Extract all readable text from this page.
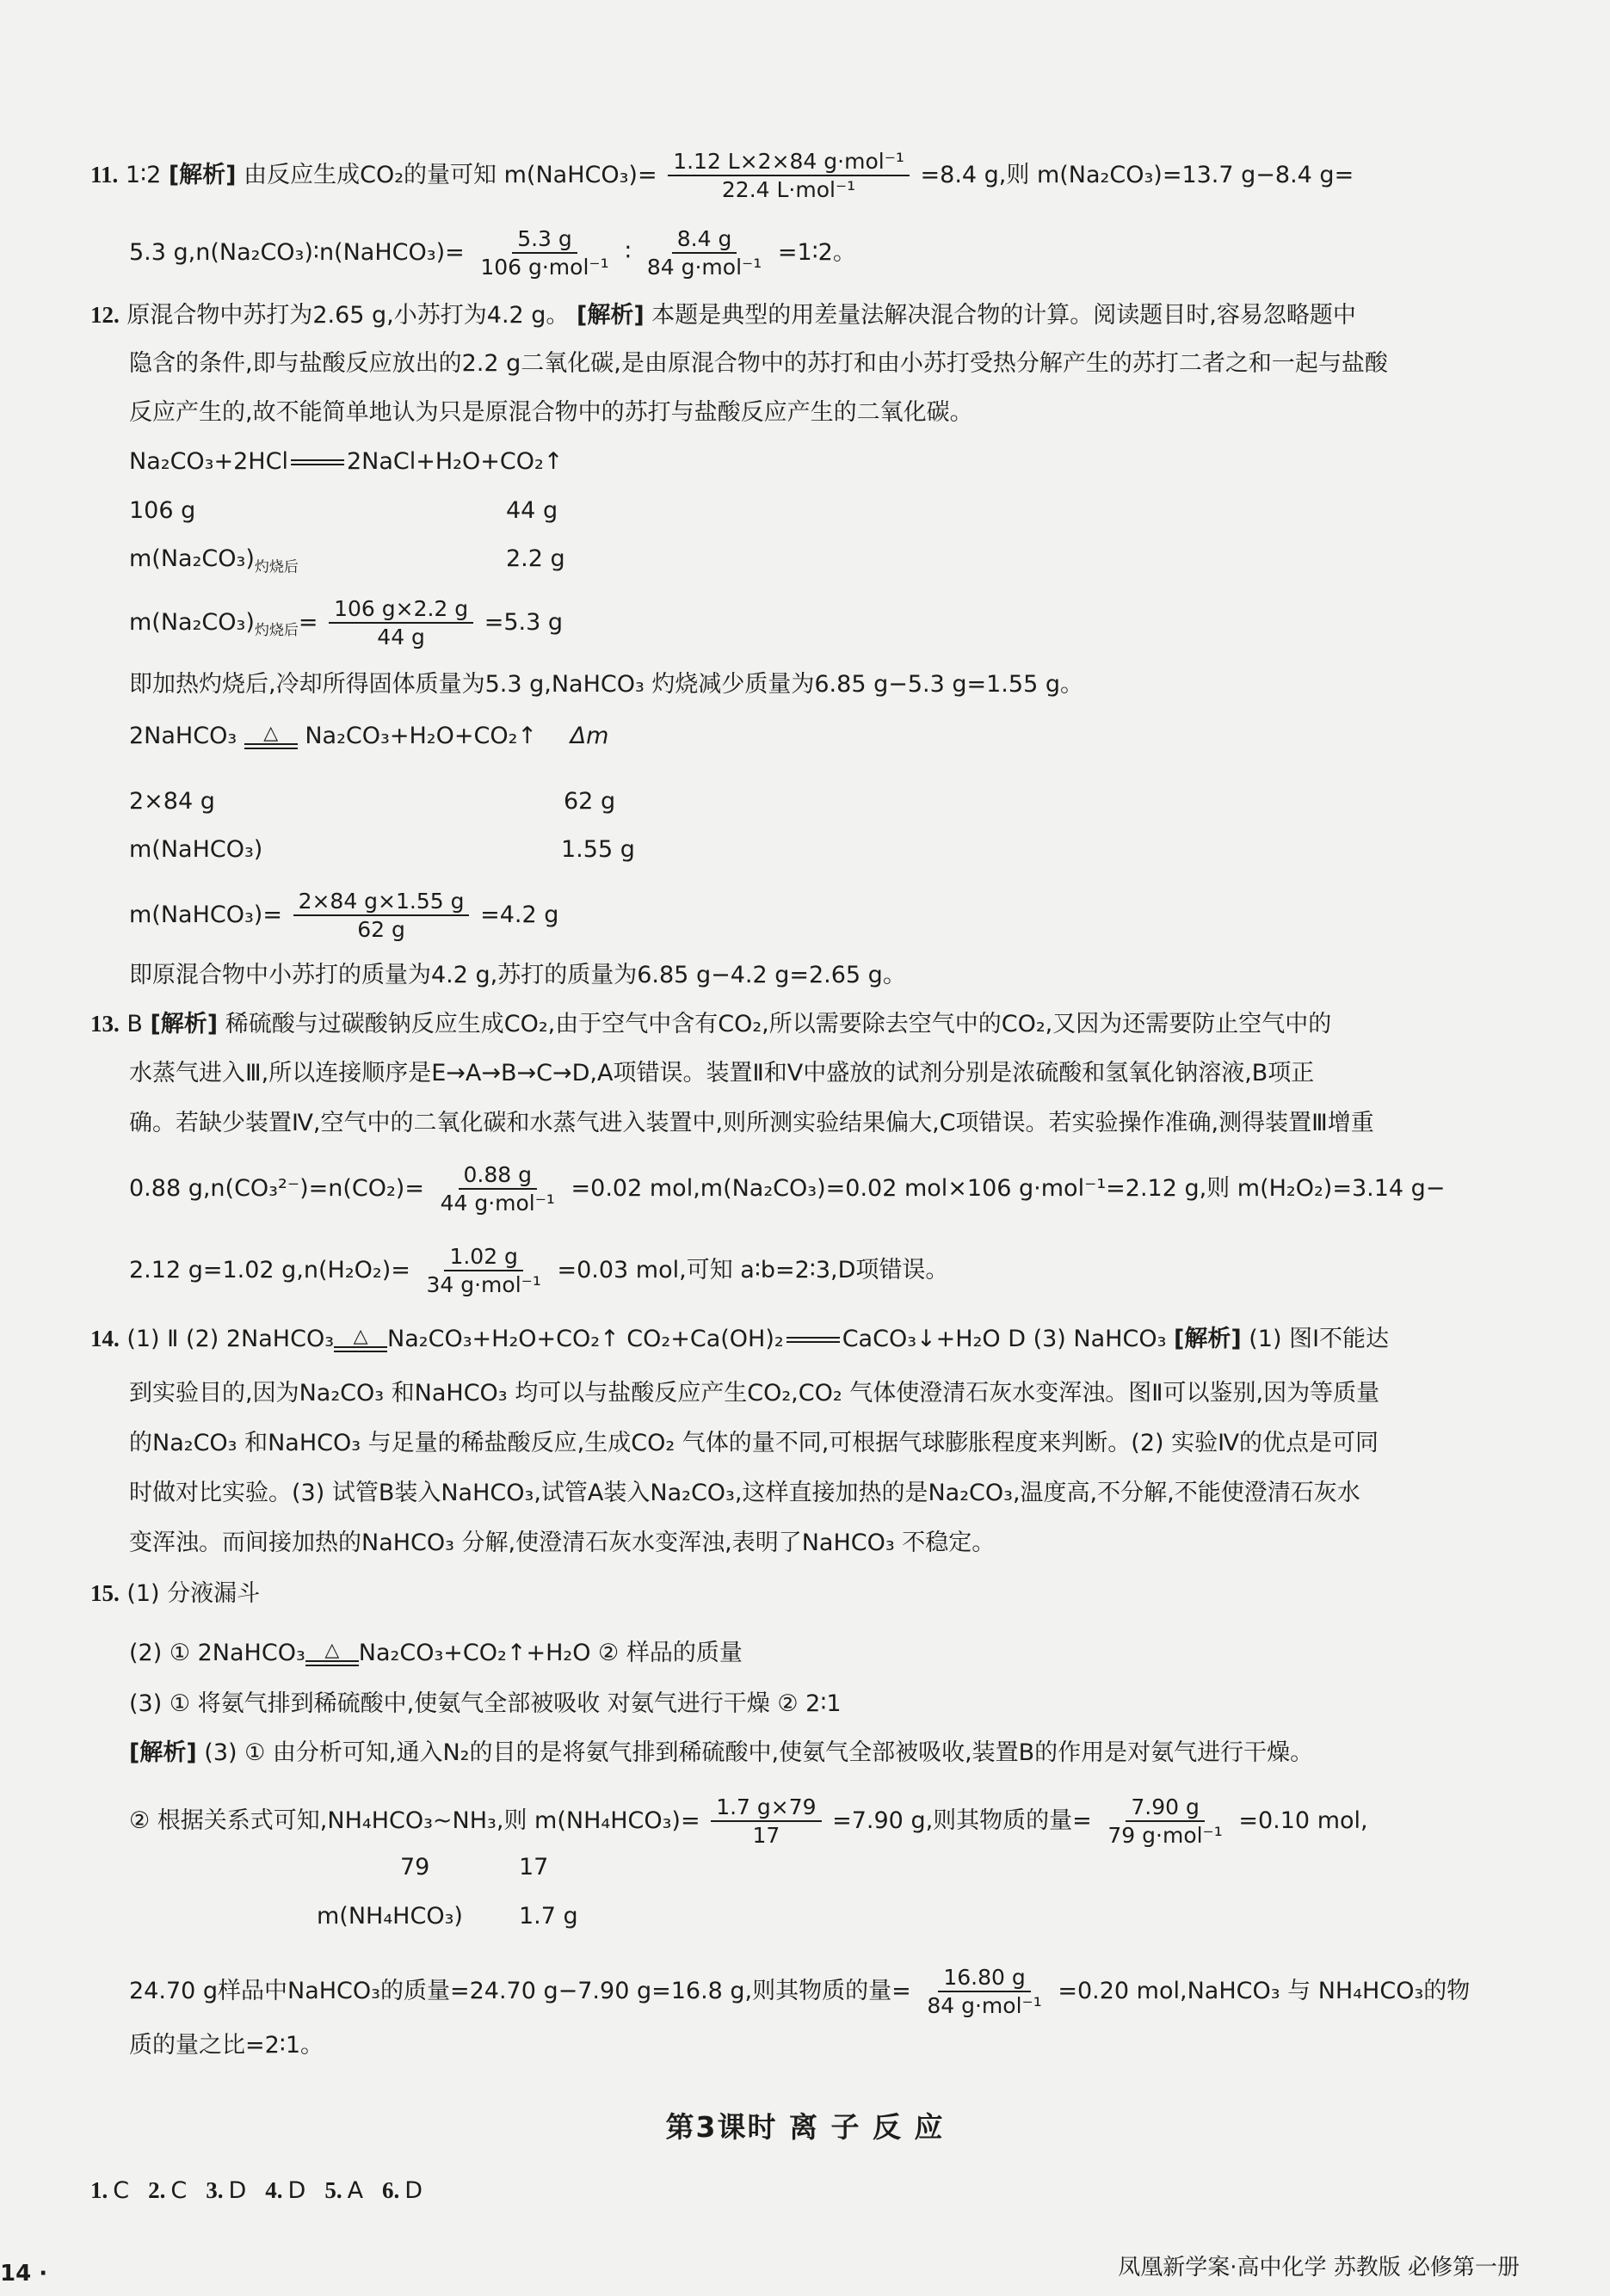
11. 1∶2 [解析] 由反应生成CO₂的量可知 m(NaHCO₃)= $\frac{\text{1.12 L×2×84 g·mol⁻¹}}{\text{22.4 L·mol⁻¹}} =8.4$ g,则 m(Na₂CO₃)=13.7 g−8.4 g=
5.3 g,n(Na₂CO₃)∶n(NaHCO₃)= $\frac{5.3 g}{\text{106 g·mol⁻¹}}$ ∶ $\frac{8.4 g}{\text{84 g·mol⁻¹}}$ =1∶2。
12. 原混合物中苏打为2.65 g,小苏打为4.2 g。 [解析] 本题是典型的用差量法解决混合物的计算。阅读题目时,容易忽略题中
隐含的条件,即与盐酸反应放出的2.2 g二氧化碳,是由原混合物中的苏打和由小苏打受热分解产生的苏打二者之和一起与盐酸
反应产生的,故不能简单地认为只是原混合物中的苏打与盐酸反应产生的二氧化碳。
Na₂CO₃+2HCl	2NaCl+H₂O+CO₂↑
106 g	44 g
$m(Na_2CO_3)_{灼烧后}$	2.2 g
$m(Na_2CO_3)_{灼烧后}= \frac{106 g\times 2.2 g}{44 g} =5.3$ g
即加热灼烧后,冷却所得固体质量为5.3 g,NaHCO₃ 灼烧减少质量为6.85 g−5.3 g=1.55 g。
2NaHCO₃ △ Na₂CO₃+H₂O+CO₂↑ Δm
2×84 g	62 g
m(NaHCO₃)	1.55 g
m(NaHCO₃)= $\frac{2\times 84 g\times 1.55 g}{62 g} =4.2$ g
即原混合物中小苏打的质量为4.2 g,苏打的质量为6.85 g−4.2 g=2.65 g。
13. B [解析] 稀硫酸与过碳酸钠反应生成CO₂,由于空气中含有CO₂,所以需要除去空气中的CO₂,又因为还需要防止空气中的
水蒸气进入Ⅲ,所以连接顺序是E→A→B→C→D,A项错误。装置Ⅱ和Ⅴ中盛放的试剂分别是浓硫酸和氢氧化钠溶液,B项正
确。若缺少装置Ⅳ,空气中的二氧化碳和水蒸气进入装置中,则所测实验结果偏大,C项错误。若实验操作准确,测得装置Ⅲ增重
0.88 $g,n(CO_3^{2-})=n(CO_2)= \frac{0.88 g}{\text{44 g·mol⁻¹}} =0.02$ mol,m(Na₂CO₃)=0.02 mol×106 g·mol⁻¹=2.12 g,则 m(H₂O₂)=3.14 g−
2.12 g=1.02 $g,n(H_2O_2)= \frac{1.02 g}{\text{34 g·mol⁻¹}} =0.03$ mol,可知 a∶b=2∶3,D项错误。
14. (1) Ⅱ (2) 2NaHCO₃ △ Na₂CO₃+H₂O+CO₂↑ CO₂+Ca(OH)₂	CaCO₃↓+H₂O D (3) NaHCO₃ [解析] (1) 图Ⅰ不能达
到实验目的,因为Na₂CO₃ 和NaHCO₃ 均可以与盐酸反应产生CO₂,CO₂ 气体使澄清石灰水变浑浊。图Ⅱ可以鉴别,因为等质量
的Na₂CO₃ 和NaHCO₃ 与足量的稀盐酸反应,生成CO₂ 气体的量不同,可根据气球膨胀程度来判断。(2) 实验Ⅳ的优点是可同
时做对比实验。(3) 试管B装入NaHCO₃,试管A装入Na₂CO₃,这样直接加热的是Na₂CO₃,温度高,不分解,不能使澄清石灰水
变浑浊。而间接加热的NaHCO₃ 分解,使澄清石灰水变浑浊,表明了NaHCO₃ 不稳定。
15. (1) 分液漏斗
(2) ① 2NaHCO₃ △ Na₂CO₃+CO₂↑+H₂O ② 样品的质量
(3) ① 将氨气排到稀硫酸中,使氨气全部被吸收 对氨气进行干燥 ② 2∶1
[解析] (3) ① 由分析可知,通入N₂的目的是将氨气排到稀硫酸中,使氨气全部被吸收,装置B的作用是对氨气进行干燥。
② 根据关系式可知,NH₄HCO₃~NH₃,则 $m(NH_4HCO_3)= \frac{1.7 g\times 79}{17} =7.90$ g,则其物质的量= $\frac{7.90 g}{\text{79 g·mol⁻¹}} =0.10$ mol,
79	17
m(NH₄HCO₃) 1.7 g
24.70 g样品中NaHCO₃的质量=24.70 g−7.90 g=16.8 g,则其物质的量= $\frac{16.80 g}{\text{84 g·mol⁻¹}} =0.20$ mol,NaHCO₃ 与 NH₄HCO₃的物
质的量之比=2∶1。
第3课时 离 子 反 应
1. C 2. C 3. D 4. D 5. A 6. D
14 ·	凤凰新学案·高中化学 苏教版 必修第一册
